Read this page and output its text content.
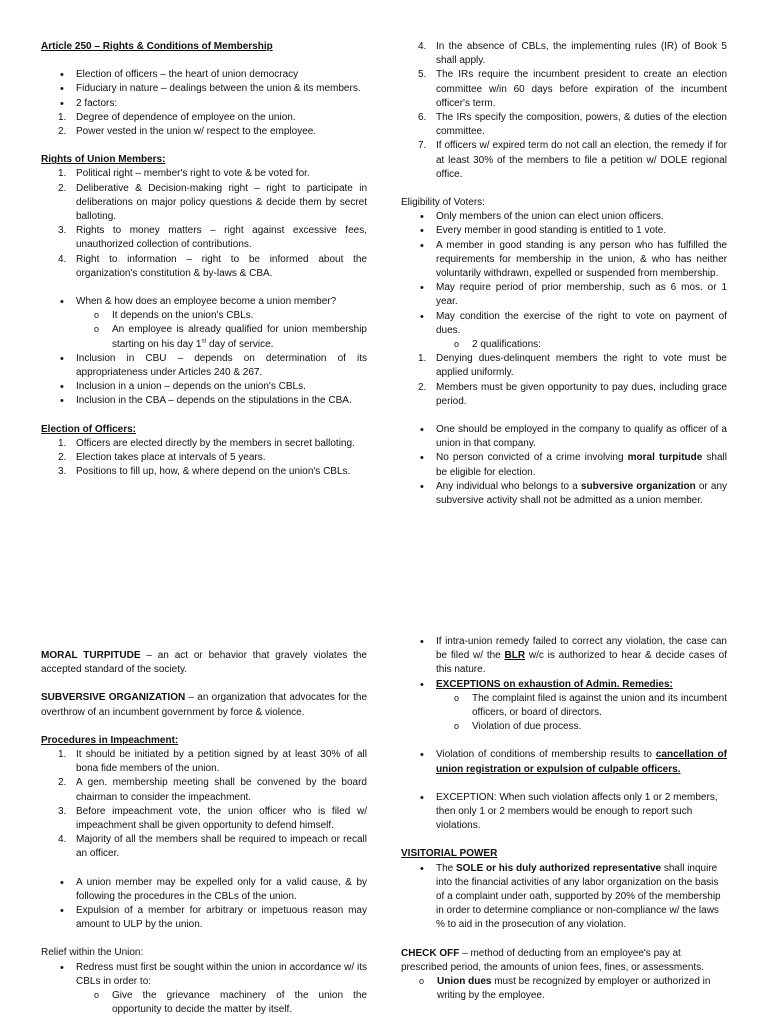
Article 250 – Rights & Conditions of Membership

• Election of officers – the heart of union democracy
• Fiduciary in nature – dealings between the union & its members.
• 2 factors:
1. Degree of dependence of employee on the union.
2. Power vested in the union w/ respect to the employee.

Rights of Union Members:

1. Political right – member's right to vote & be voted for.
2. Deliberative & Decision-making right – right to participate in deliberations on major policy questions & decide them by secret balloting.
3. Rights to money matters – right against excessive fees, unauthorized collection of contributions.
4. Right to information – right to be informed about the organization's constitution & by-laws & CBA.
• When & how does an employee become a union member?
o It depends on the union's CBLs.
o An employee is already qualified for union membership starting on his day 1st day of service.
• Inclusion in CBU – depends on determination of its appropriateness under Articles 240 & 267.
• Inclusion in a union – depends on the union's CBLs.
• Inclusion in the CBA – depends on the stipulations in the CBA.

Election of Officers:

1. Officers are elected directly by the members in secret balloting.
2. Election takes place at intervals of 5 years.
3. Positions to fill up, how, & where depend on the union's CBLs.
4. In the absence of CBLs, the implementing rules (IR) of Book 5 shall apply.
5. The IRs require the incumbent president to create an election committee w/in 60 days before expiration of the incumbent officer's term.
6. The IRs specify the composition, powers, & duties of the election committee.
7. If officers w/ expired term do not call an election, the remedy if for at least 30% of the members to file a petition w/ DOLE regional office.

Eligibility of Voters:

• Only members of the union can elect union officers.
• Every member in good standing is entitled to 1 vote.
• A member in good standing is any person who has fulfilled the requirements for membership in the union, & who has neither voluntarily withdrawn, expelled or suspended from membership.
• May require period of prior membership, such as 6 mos. or 1 year.
• May condition the exercise of the right to vote on payment of dues.
o 2 qualifications:
1. Denying dues-delinquent members the right to vote must be applied uniformly.
2. Members must be given opportunity to pay dues, including grace period.
• One should be employed in the company to qualify as officer of a union in that company.
• No person convicted of a crime involving moral turpitude shall be eligible for election.
• Any individual who belongs to a subversive organization or any subversive activity shall not be admitted as a union member.

MORAL TURPITUDE – an act or behavior that gravely violates the accepted standard of the society.

SUBVERSIVE ORGANIZATION – an organization that advocates for the overthrow of an incumbent government by force & violence.

Procedures in Impeachment:

1. It should be initiated by a petition signed by at least 30% of all bona fide members of the union.
2. A gen. membership meeting shall be convened by the board chairman to consider the impeachment.
3. Before impeachment vote, the union officer who is filed w/ impeachment shall be given opportunity to defend himself.
4. Majority of all the members shall be required to impeach or recall an officer.
• A union member may be expelled only for a valid cause, & by following the procedures in the CBLs of the union.
• Expulsion of a member for arbitrary or impetuous reason may amount to ULP by the union.

Relief within the Union:

• Redress must first be sought within the union in accordance w/ its CBLs in order to:
o Give the grievance machinery of the union the opportunity to decide the matter by itself.
• If intra-union remedy failed to correct any violation, the case can be filed w/ the BLR w/c is authorized to hear & decide cases of this nature.
• EXCEPTIONS on exhaustion of Admin. Remedies:
o The complaint filed is against the union and its incumbent officers, or board of directors.
o Violation of due process.
• Violation of conditions of membership results to cancellation of union registration or expulsion of culpable officers.
• EXCEPTION: When such violation affects only 1 or 2 members, then only 1 or 2 members would be enough to report such violations.

VISITORIAL POWER

• The SOLE or his duly authorized representative shall inquire into the financial activities of any labor organization on the basis of a complaint under oath, supported by 20% of the membership in order to determine compliance or non-compliance w/ the laws % to aid in the prosecution of any violation.

CHECK OFF – method of deducting from an employee's pay at prescribed period, the amounts of union fees, fines, or assessments.

o Union dues must be recognized by employer or authorized in writing by the employee.
